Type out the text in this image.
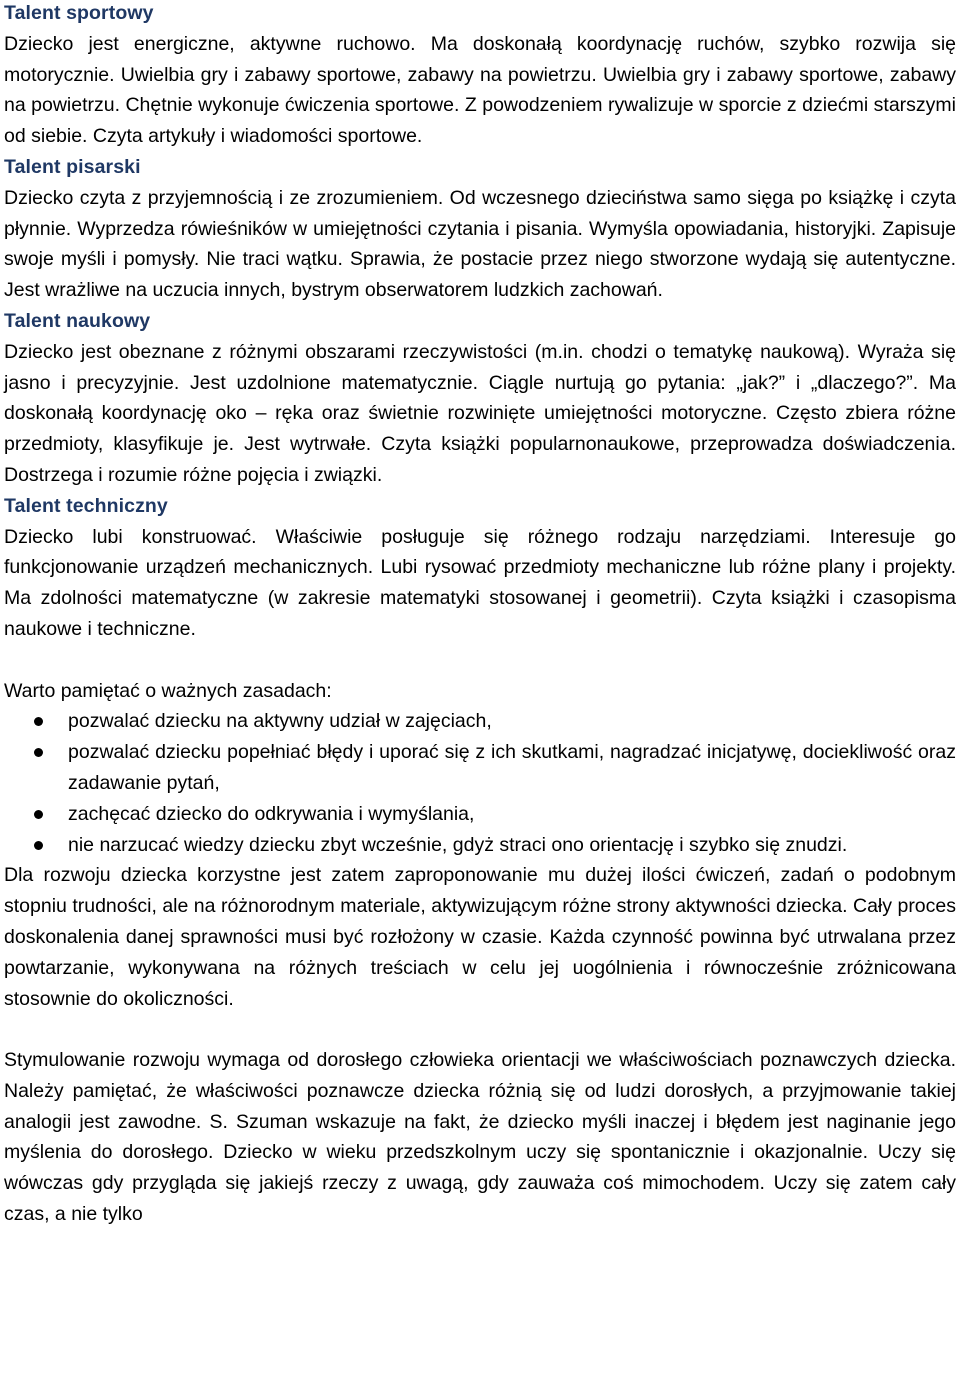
Talent sportowy

Dziecko jest energiczne, aktywne ruchowo. Ma doskonałą koordynację ruchów, szybko rozwija się motorycznie. Uwielbia gry i zabawy sportowe, zabawy na powietrzu. Uwielbia gry i zabawy sportowe, zabawy na powietrzu. Chętnie wykonuje ćwiczenia sportowe. Z powodzeniem rywalizuje w sporcie z dziećmi starszymi od siebie. Czyta artykuły i wiadomości sportowe.

Talent pisarski

Dziecko czyta z przyjemnością i ze zrozumieniem. Od wczesnego dzieciństwa samo sięga po książkę i czyta płynnie. Wyprzedza rówieśników w umiejętności czytania i pisania. Wymyśla opowiadania, historyjki. Zapisuje swoje myśli i pomysły. Nie traci wątku. Sprawia, że postacie przez niego stworzone wydają się autentyczne. Jest wrażliwe na uczucia innych, bystrym obserwatorem ludzkich zachowań.

Talent naukowy

Dziecko jest obeznane z różnymi obszarami rzeczywistości (m.in. chodzi o tematykę naukową). Wyraża się jasno i precyzyjnie. Jest uzdolnione matematycznie. Ciągle nurtują go pytania: „jak?” i „dlaczego?”. Ma doskonałą koordynację oko – ręka oraz świetnie rozwinięte umiejętności motoryczne. Często zbiera różne przedmioty, klasyfikuje je. Jest wytrwałe. Czyta książki popularnonaukowe, przeprowadza doświadczenia. Dostrzega i rozumie różne pojęcia i związki.

Talent techniczny

Dziecko lubi konstruować. Właściwie posługuje się różnego rodzaju narzędziami. Interesuje go funkcjonowanie urządzeń mechanicznych. Lubi rysować przedmioty mechaniczne lub różne plany i projekty. Ma zdolności matematyczne (w zakresie matematyki stosowanej i geometrii). Czyta książki i czasopisma naukowe i techniczne.

Warto pamiętać o ważnych zasadach:

pozwalać dziecku na aktywny udział w zajęciach,
pozwalać dziecku popełniać błędy i uporać się z ich skutkami, nagradzać inicjatywę, dociekliwość oraz zadawanie pytań,
zachęcać dziecko do odkrywania i wymyślania,
nie narzucać wiedzy dziecku zbyt wcześnie, gdyż straci ono orientację i szybko się znudzi.

Dla rozwoju dziecka korzystne jest zatem zaproponowanie mu dużej ilości ćwiczeń, zadań o podobnym stopniu trudności, ale na różnorodnym materiale, aktywizującym różne strony aktywności dziecka. Cały proces doskonalenia danej sprawności musi być rozłożony w czasie. Każda czynność powinna być utrwalana przez powtarzanie, wykonywana na różnych treściach w celu jej uogólnienia i równocześnie zróżnicowana stosownie do okoliczności.

Stymulowanie rozwoju wymaga od dorosłego człowieka orientacji we właściwościach poznawczych dziecka. Należy pamiętać, że właściwości poznawcze dziecka różnią się od ludzi dorosłych, a przyjmowanie takiej analogii jest zawodne. S. Szuman wskazuje na fakt, że dziecko myśli inaczej i błędem jest naginanie jego myślenia do dorosłego. Dziecko w wieku przedszkolnym uczy się spontanicznie i okazjonalnie. Uczy się wówczas gdy przygląda się jakiejś rzeczy z uwagą, gdy zauważa coś mimochodem. Uczy się zatem cały czas, a nie tylko
